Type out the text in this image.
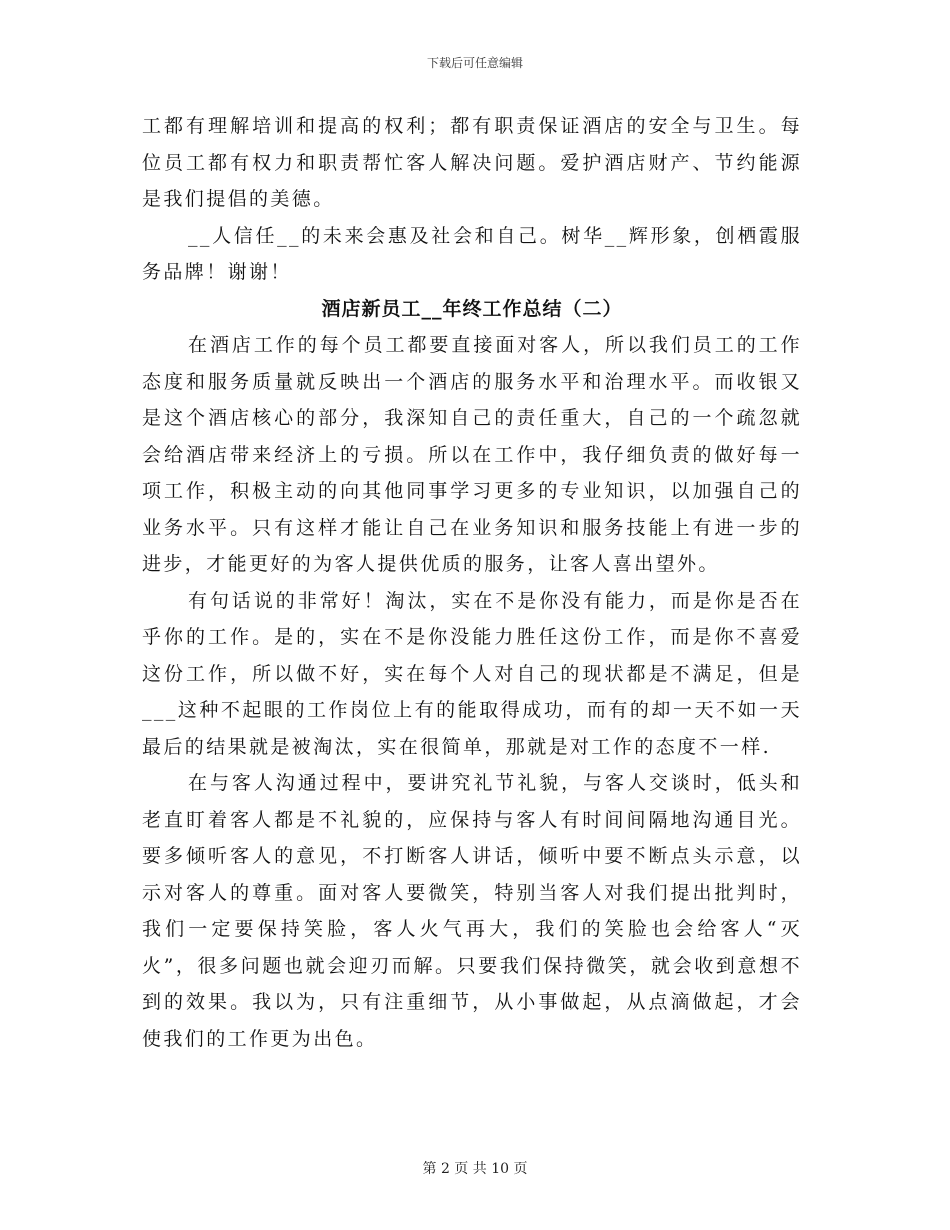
下载后可任意编辑

工都有理解培训和提高的权利；都有职责保证酒店的安全与卫生。每位员工都有权力和职责帮忙客人解决问题。爱护酒店财产、节约能源是我们提倡的美德。

__人信任__的未来会惠及社会和自己。树华__辉形象，创栖霞服务品牌！谢谢！

酒店新员工__年终工作总结（二）

在酒店工作的每个员工都要直接面对客人，所以我们员工的工作态度和服务质量就反映出一个酒店的服务水平和治理水平。而收银又是这个酒店核心的部分，我深知自己的责任重大，自己的一个疏忽就会给酒店带来经济上的亏损。所以在工作中，我仔细负责的做好每一项工作，积极主动的向其他同事学习更多的专业知识，以加强自己的业务水平。只有这样才能让自己在业务知识和服务技能上有进一步的进步，才能更好的为客人提供优质的服务，让客人喜出望外。

有句话说的非常好！淘汰，实在不是你没有能力，而是你是否在乎你的工作。是的，实在不是你没能力胜任这份工作，而是你不喜爱这份工作，所以做不好，实在每个人对自己的现状都是不满足，但是___这种不起眼的工作岗位上有的能取得成功，而有的却一天不如一天最后的结果就是被淘汰，实在很简单，那就是对工作的态度不一样.

在与客人沟通过程中，要讲究礼节礼貌，与客人交谈时，低头和老直盯着客人都是不礼貌的，应保持与客人有时间间隔地沟通目光。要多倾听客人的意见，不打断客人讲话，倾听中要不断点头示意，以示对客人的尊重。面对客人要微笑，特别当客人对我们提出批判时，我们一定要保持笑脸，客人火气再大，我们的笑脸也会给客人“灭火”，很多问题也就会迎刃而解。只要我们保持微笑，就会收到意想不到的效果。我以为，只有注重细节，从小事做起，从点滴做起，才会使我们的工作更为出色。

第 2 页 共 10 页
